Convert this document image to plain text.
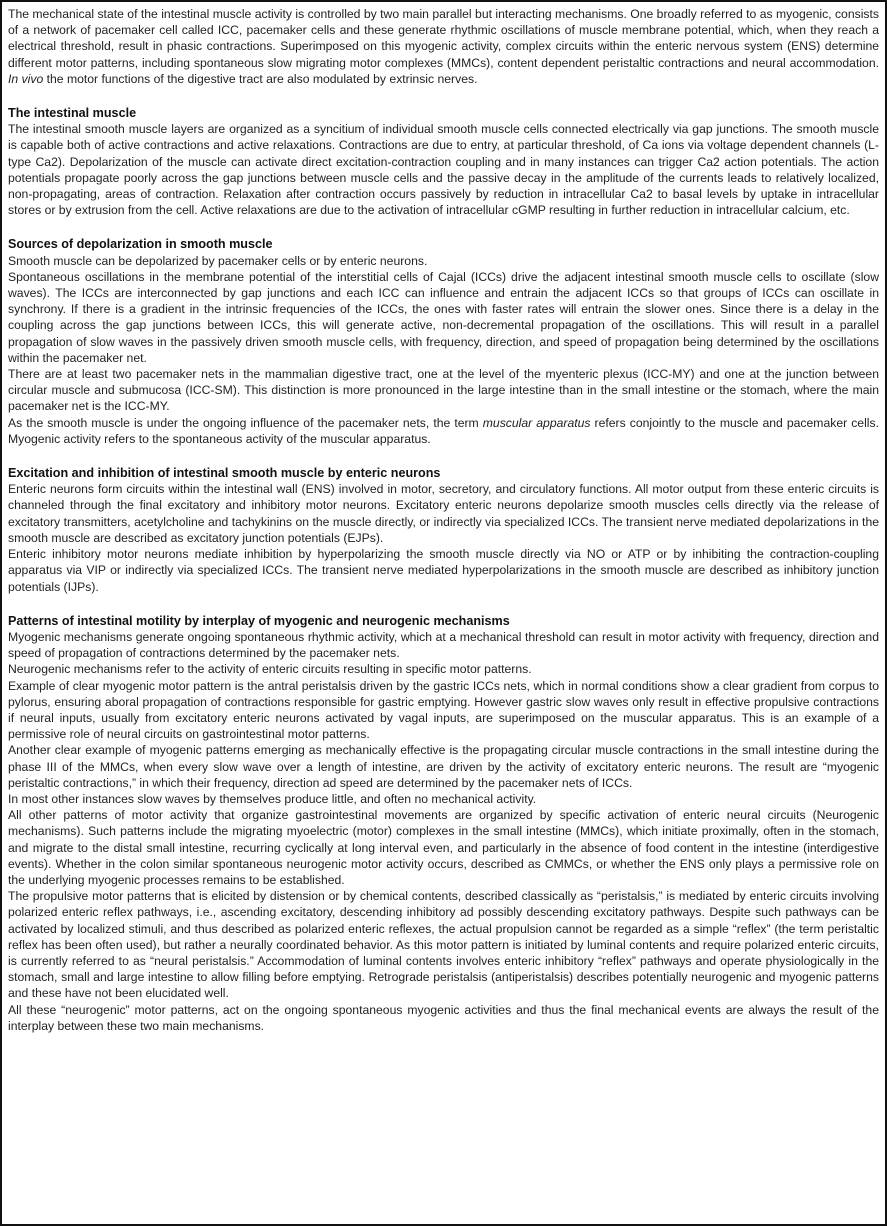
The mechanical state of the intestinal muscle activity is controlled by two main parallel but interacting mechanisms. One broadly referred to as myogenic, consists of a network of pacemaker cell called ICC, pacemaker cells and these generate rhythmic oscillations of muscle membrane potential, which, when they reach a electrical threshold, result in phasic contractions. Superimposed on this myogenic activity, complex circuits within the enteric nervous system (ENS) determine different motor patterns, including spontaneous slow migrating motor complexes (MMCs), content dependent peristaltic contractions and neural accommodation. In vivo the motor functions of the digestive tract are also modulated by extrinsic nerves.

The intestinal muscle

The intestinal smooth muscle layers are organized as a syncitium of individual smooth muscle cells connected electrically via gap junctions. The smooth muscle is capable both of active contractions and active relaxations. Contractions are due to entry, at particular threshold, of Ca ions via voltage dependent channels (L-type Ca2). Depolarization of the muscle can activate direct excitation-contraction coupling and in many instances can trigger Ca2 action potentials. The action potentials propagate poorly across the gap junctions between muscle cells and the passive decay in the amplitude of the currents leads to relatively localized, non-propagating, areas of contraction. Relaxation after contraction occurs passively by reduction in intracellular Ca2 to basal levels by uptake in intracellular stores or by extrusion from the cell. Active relaxations are due to the activation of intracellular cGMP resulting in further reduction in intracellular calcium, etc.

Sources of depolarization in smooth muscle

Smooth muscle can be depolarized by pacemaker cells or by enteric neurons.

Spontaneous oscillations in the membrane potential of the interstitial cells of Cajal (ICCs) drive the adjacent intestinal smooth muscle cells to oscillate (slow waves). The ICCs are interconnected by gap junctions and each ICC can influence and entrain the adjacent ICCs so that groups of ICCs can oscillate in synchrony. If there is a gradient in the intrinsic frequencies of the ICCs, the ones with faster rates will entrain the slower ones. Since there is a delay in the coupling across the gap junctions between ICCs, this will generate active, non-decremental propagation of the oscillations. This will result in a parallel propagation of slow waves in the passively driven smooth muscle cells, with frequency, direction, and speed of propagation being determined by the oscillations within the pacemaker net.

There are at least two pacemaker nets in the mammalian digestive tract, one at the level of the myenteric plexus (ICC-MY) and one at the junction between circular muscle and submucosa (ICC-SM). This distinction is more pronounced in the large intestine than in the small intestine or the stomach, where the main pacemaker net is the ICC-MY.

As the smooth muscle is under the ongoing influence of the pacemaker nets, the term muscular apparatus refers conjointly to the muscle and pacemaker cells. Myogenic activity refers to the spontaneous activity of the muscular apparatus.

Excitation and inhibition of intestinal smooth muscle by enteric neurons

Enteric neurons form circuits within the intestinal wall (ENS) involved in motor, secretory, and circulatory functions. All motor output from these enteric circuits is channeled through the final excitatory and inhibitory motor neurons. Excitatory enteric neurons depolarize smooth muscles cells directly via the release of excitatory transmitters, acetylcholine and tachykinins on the muscle directly, or indirectly via specialized ICCs. The transient nerve mediated depolarizations in the smooth muscle are described as excitatory junction potentials (EJPs).

Enteric inhibitory motor neurons mediate inhibition by hyperpolarizing the smooth muscle directly via NO or ATP or by inhibiting the contraction-coupling apparatus via VIP or indirectly via specialized ICCs. The transient nerve mediated hyperpolarizations in the smooth muscle are described as inhibitory junction potentials (IJPs).

Patterns of intestinal motility by interplay of myogenic and neurogenic mechanisms

Myogenic mechanisms generate ongoing spontaneous rhythmic activity, which at a mechanical threshold can result in motor activity with frequency, direction and speed of propagation of contractions determined by the pacemaker nets.

Neurogenic mechanisms refer to the activity of enteric circuits resulting in specific motor patterns.

Example of clear myogenic motor pattern is the antral peristalsis driven by the gastric ICCs nets, which in normal conditions show a clear gradient from corpus to pylorus, ensuring aboral propagation of contractions responsible for gastric emptying. However gastric slow waves only result in effective propulsive contractions if neural inputs, usually from excitatory enteric neurons activated by vagal inputs, are superimposed on the muscular apparatus. This is an example of a permissive role of neural circuits on gastrointestinal motor patterns.

Another clear example of myogenic patterns emerging as mechanically effective is the propagating circular muscle contractions in the small intestine during the phase III of the MMCs, when every slow wave over a length of intestine, are driven by the activity of excitatory enteric neurons. The result are “myogenic peristaltic contractions,” in which their frequency, direction ad speed are determined by the pacemaker nets of ICCs.

In most other instances slow waves by themselves produce little, and often no mechanical activity.

All other patterns of motor activity that organize gastrointestinal movements are organized by specific activation of enteric neural circuits (Neurogenic mechanisms). Such patterns include the migrating myoelectric (motor) complexes in the small intestine (MMCs), which initiate proximally, often in the stomach, and migrate to the distal small intestine, recurring cyclically at long interval even, and particularly in the absence of food content in the intestine (interdigestive events). Whether in the colon similar spontaneous neurogenic motor activity occurs, described as CMMCs, or whether the ENS only plays a permissive role on the underlying myogenic processes remains to be established.

The propulsive motor patterns that is elicited by distension or by chemical contents, described classically as “peristalsis,” is mediated by enteric circuits involving polarized enteric reflex pathways, i.e., ascending excitatory, descending inhibitory ad possibly descending excitatory pathways. Despite such pathways can be activated by localized stimuli, and thus described as polarized enteric reflexes, the actual propulsion cannot be regarded as a simple “reflex” (the term peristaltic reflex has been often used), but rather a neurally coordinated behavior. As this motor pattern is initiated by luminal contents and require polarized enteric circuits, is currently referred to as “neural peristalsis.” Accommodation of luminal contents involves enteric inhibitory “reflex” pathways and operate physiologically in the stomach, small and large intestine to allow filling before emptying. Retrograde peristalsis (antiperistalsis) describes potentially neurogenic and myogenic patterns and these have not been elucidated well.

All these “neurogenic” motor patterns, act on the ongoing spontaneous myogenic activities and thus the final mechanical events are always the result of the interplay between these two main mechanisms.
